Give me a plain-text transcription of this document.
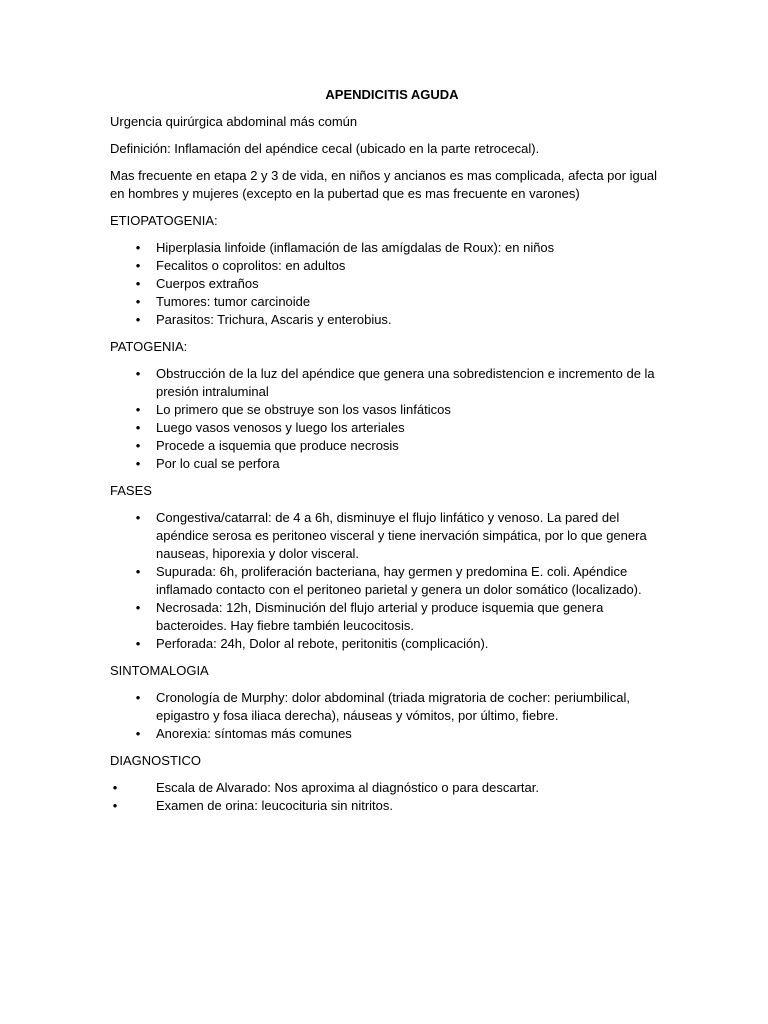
APENDICITIS AGUDA
Urgencia quirúrgica abdominal más común
Definición: Inflamación del apéndice cecal (ubicado en la parte retrocecal).
Mas frecuente en etapa 2 y 3 de vida, en niños y ancianos es mas complicada, afecta por igual en hombres y mujeres (excepto en la pubertad que es mas frecuente en varones)
ETIOPATOGENIA:
• Hiperplasia linfoide (inflamación de las amígdalas de Roux): en niños
• Fecalitos o coprolitos: en adultos
• Cuerpos extraños
• Tumores: tumor carcinoide
• Parasitos: Trichura, Ascaris y enterobius.
PATOGENIA:
• Obstrucción de la luz del apéndice que genera una sobredistencion e incremento de la presión intraluminal
• Lo primero que se obstruye son los vasos linfáticos
• Luego vasos venosos y luego los arteriales
• Procede a isquemia que produce necrosis
• Por lo cual se perfora
FASES
• Congestiva/catarral: de 4 a 6h, disminuye el flujo linfático y venoso. La pared del apéndice serosa es peritoneo visceral y tiene inervación simpática, por lo que genera nauseas, hiporexia y dolor visceral.
• Supurada: 6h, proliferación bacteriana, hay germen y predomina E. coli. Apéndice inflamado contacto con el peritoneo parietal y genera un dolor somático (localizado).
• Necrosada: 12h, Disminución del flujo arterial y produce isquemia que genera bacteroides. Hay fiebre también leucocitosis.
• Perforada: 24h, Dolor al rebote, peritonitis (complicación).
SINTOMALOGIA
• Cronología de Murphy: dolor abdominal (triada migratoria de cocher: periumbilical, epigastro y fosa iliaca derecha), náuseas y vómitos, por último, fiebre.
• Anorexia: síntomas más comunes
DIAGNOSTICO
•	Escala de Alvarado: Nos aproxima al diagnóstico o para descartar.
•	Examen de orina: leucocituria sin nitritos.
